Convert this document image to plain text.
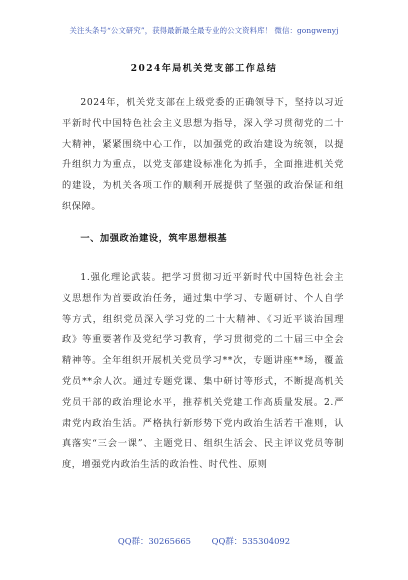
关注头条号“公文研究”，获得最新最全最专业的公文资料库！ 微信：gongwenyj
2024年局机关党支部工作总结
2024年，机关党支部在上级党委的正确领导下，坚持以习近平新时代中国特色社会主义思想为指导，深入学习贯彻党的二十大精神，紧紧围绕中心工作，以加强党的政治建设为统领，以提升组织力为重点，以党支部建设标准化为抓手，全面推进机关党的建设，为机关各项工作的顺利开展提供了坚强的政治保证和组织保障。
一、加强政治建设，筑牢思想根基
1.强化理论武装。把学习贯彻习近平新时代中国特色社会主义思想作为首要政治任务，通过集中学习、专题研讨、个人自学等方式，组织党员深入学习党的二十大精神、《习近平谈治国理政》等重要著作及党纪学习教育，学习贯彻党的二十届三中全会精神等。全年组织开展机关党员学习**次，专题讲座**场，覆盖党员**余人次。通过专题党课、集中研讨等形式，不断提高机关党员干部的政治理论水平，推荐机关党建工作高质量发展。2.严肃党内政治生活。严格执行新形势下党内政治生活若干准则，认真落实“三会一课”、主题党日、组织生活会、民主评议党员等制度，增强党内政治生活的政治性、时代性、原则
QQ群：30265665 QQ群：535304092
